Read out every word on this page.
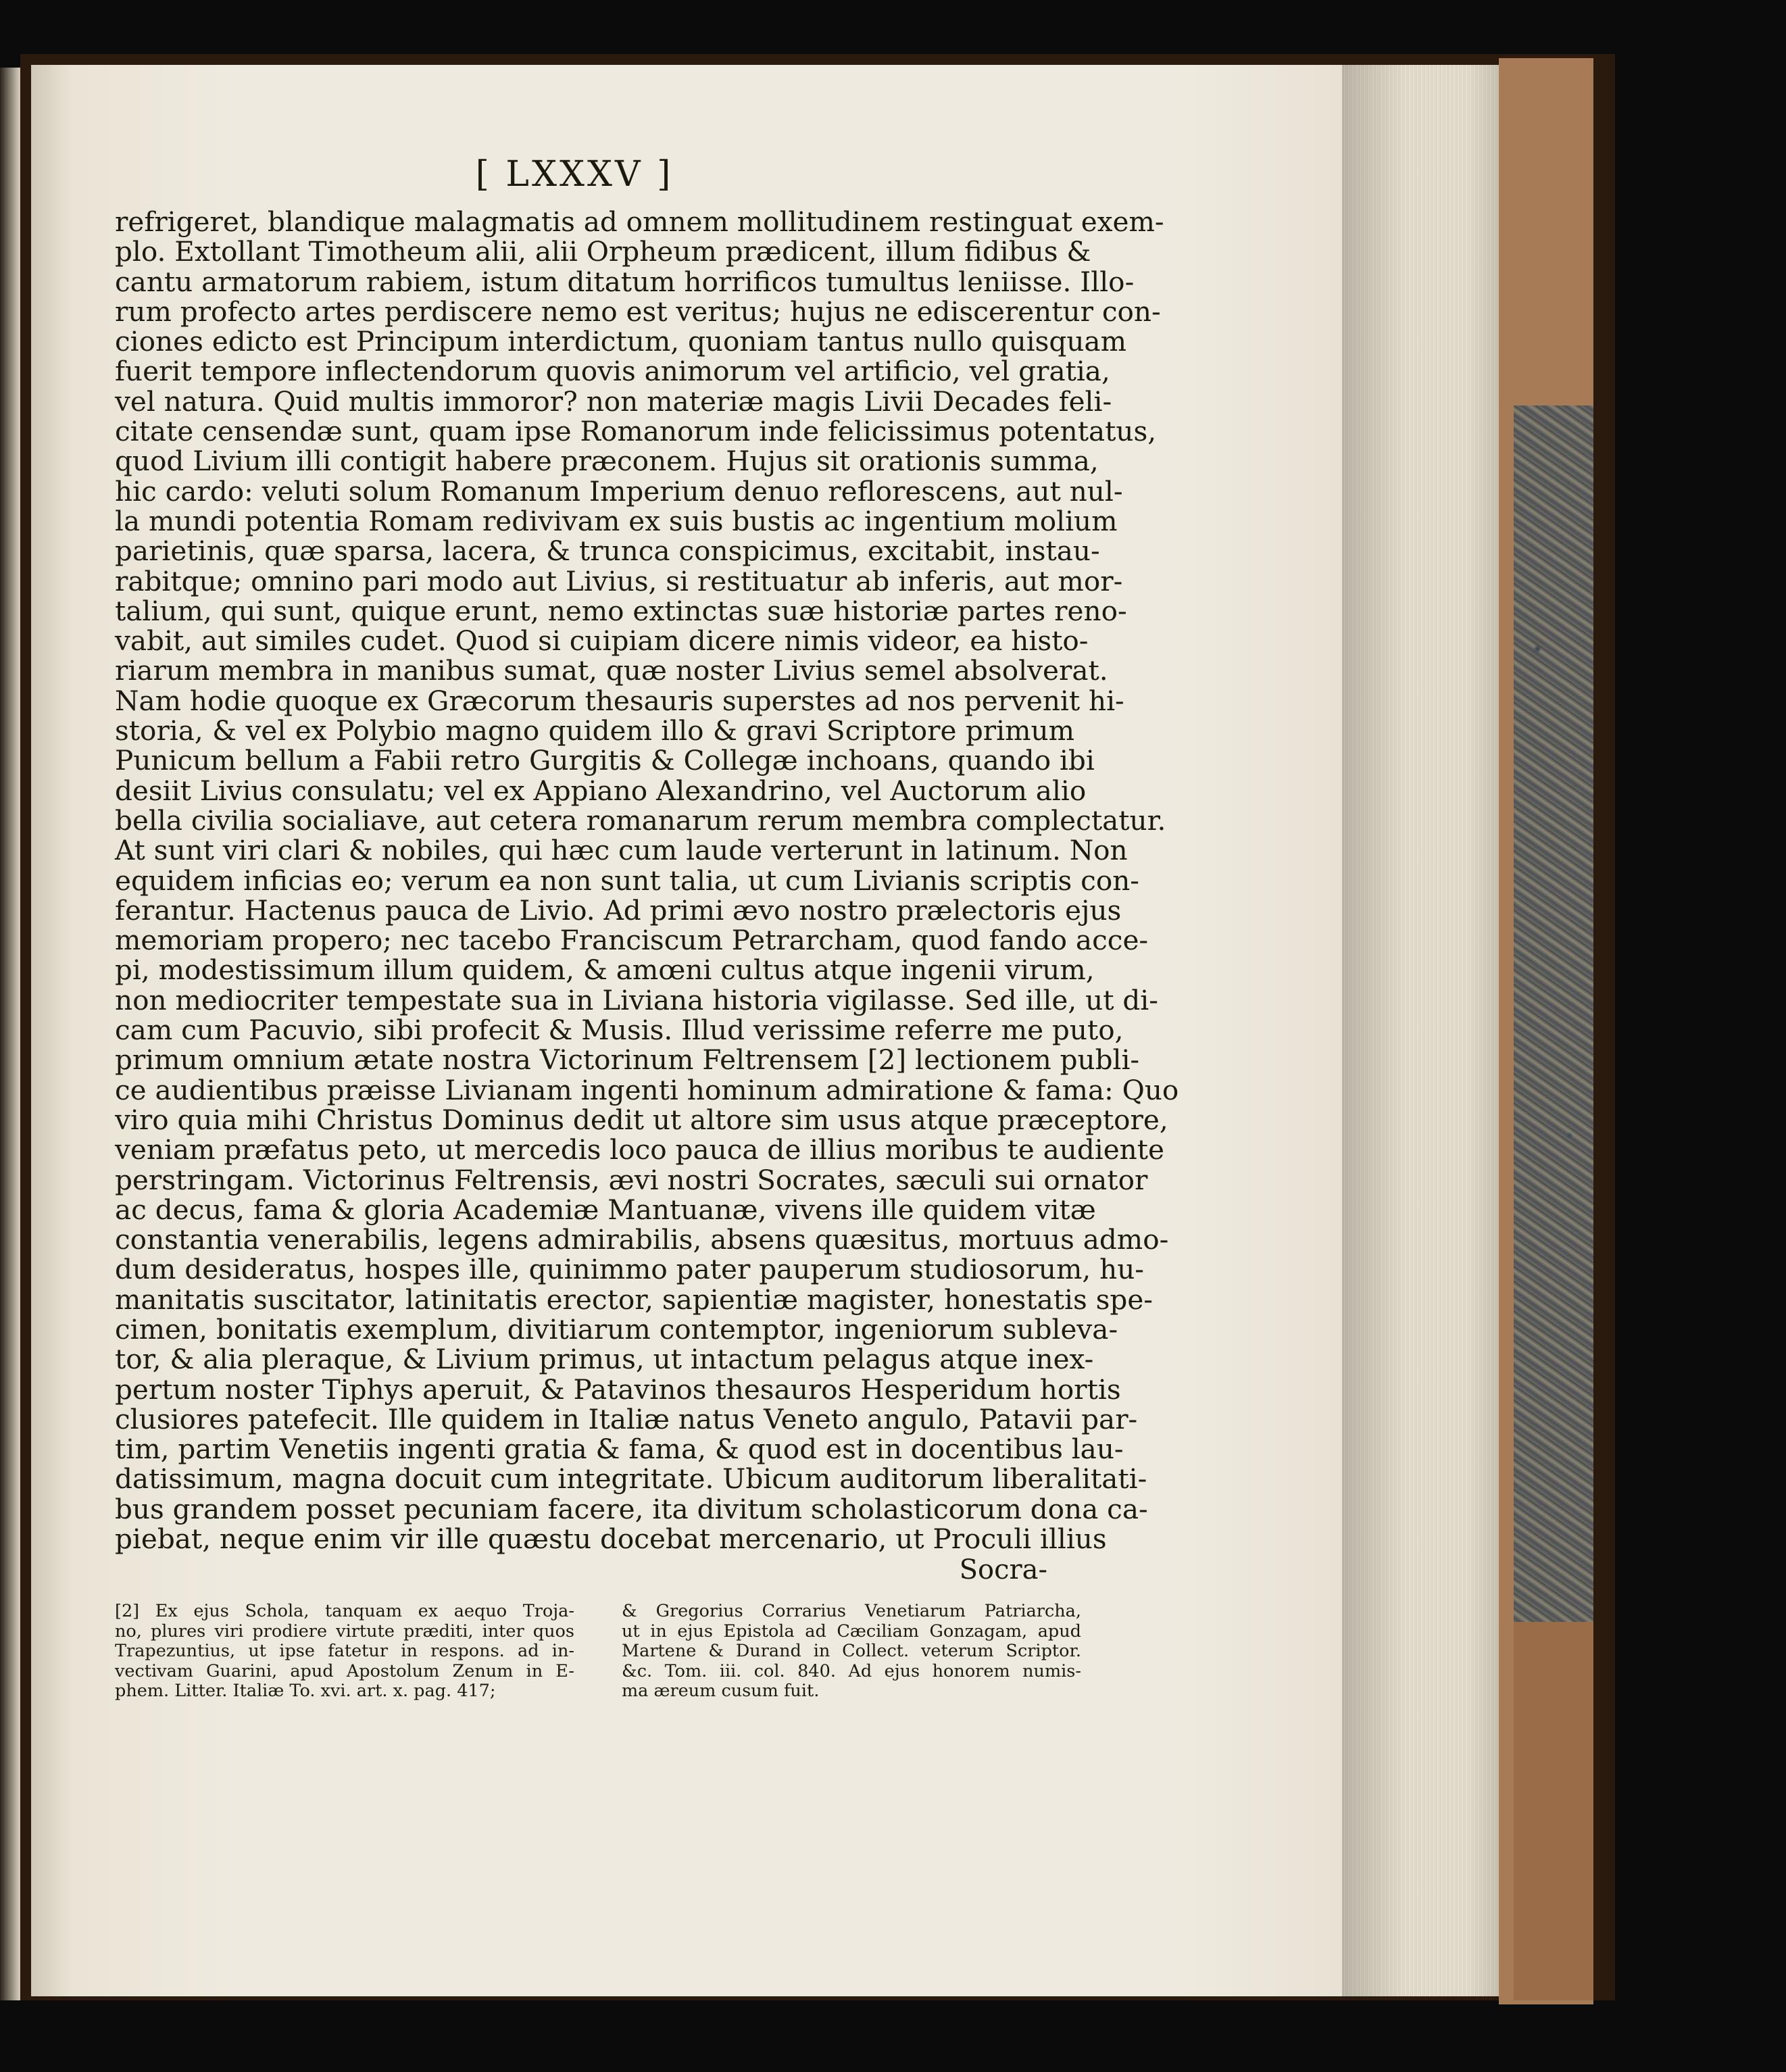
[ LXXXV ]
refrigeret, blandique malagmatis ad omnem mollitudinem restinguat exem-
plo. Extollant Timotheum alii, alii Orpheum prædicent, illum fidibus &
cantu armatorum rabiem, istum ditatum horrificos tumultus leniisse. Illo-
rum profecto artes perdiscere nemo est veritus; hujus ne ediscerentur con-
ciones edicto est Principum interdictum, quoniam tantus nullo quisquam
fuerit tempore inflectendorum quovis animorum vel artificio, vel gratia,
vel natura. Quid multis immoror? non materiæ magis Livii Decades feli-
citate censendæ sunt, quam ipse Romanorum inde felicissimus potentatus,
quod Livium illi contigit habere præconem. Hujus sit orationis summa,
hic cardo: veluti solum Romanum Imperium denuo reflorescens, aut nul-
la mundi potentia Romam redivivam ex suis bustis ac ingentium molium
parietinis, quæ sparsa, lacera, & trunca conspicimus, excitabit, instau-
rabitque; omnino pari modo aut Livius, si restituatur ab inferis, aut mor-
talium, qui sunt, quique erunt, nemo extinctas suæ historiæ partes reno-
vabit, aut similes cudet. Quod si cuipiam dicere nimis videor, ea histo-
riarum membra in manibus sumat, quæ noster Livius semel absolverat.
Nam hodie quoque ex Græcorum thesauris superstes ad nos pervenit hi-
storia, & vel ex Polybio magno quidem illo & gravi Scriptore primum
Punicum bellum a Fabii retro Gurgitis & Collegæ inchoans, quando ibi
desiit Livius consulatu; vel ex Appiano Alexandrino, vel Auctorum alio
bella civilia socialiave, aut cetera romanarum rerum membra complectatur.
At sunt viri clari & nobiles, qui hæc cum laude verterunt in latinum. Non
equidem inficias eo; verum ea non sunt talia, ut cum Livianis scriptis con-
ferantur. Hactenus pauca de Livio. Ad primi ævo nostro prælectoris ejus
memoriam propero; nec tacebo Franciscum Petrarcham, quod fando acce-
pi, modestissimum illum quidem, & amœni cultus atque ingenii virum,
non mediocriter tempestate sua in Liviana historia vigilasse. Sed ille, ut di-
cam cum Pacuvio, sibi profecit & Musis. Illud verissime referre me puto,
primum omnium ætate nostra Victorinum Feltrensem [2] lectionem publi-
ce audientibus præisse Livianam ingenti hominum admiratione & fama: Quo
viro quia mihi Christus Dominus dedit ut altore sim usus atque præceptore,
veniam præfatus peto, ut mercedis loco pauca de illius moribus te audiente
perstringam. Victorinus Feltrensis, ævi nostri Socrates, sæculi sui ornator
ac decus, fama & gloria Academiæ Mantuanæ, vivens ille quidem vitæ
constantia venerabilis, legens admirabilis, absens quæsitus, mortuus admo-
dum desideratus, hospes ille, quinimmo pater pauperum studiosorum, hu-
manitatis suscitator, latinitatis erector, sapientiæ magister, honestatis spe-
cimen, bonitatis exemplum, divitiarum contemptor, ingeniorum subleva-
tor, & alia pleraque, & Livium primus, ut intactum pelagus atque inex-
pertum noster Tiphys aperuit, & Patavinos thesauros Hesperidum hortis
clusiores patefecit. Ille quidem in Italiæ natus Veneto angulo, Patavii par-
tim, partim Venetiis ingenti gratia & fama, & quod est in docentibus lau-
datissimum, magna docuit cum integritate. Ubicum auditorum liberalitati-
bus grandem posset pecuniam facere, ita divitum scholasticorum dona ca-
piebat, neque enim vir ille quæstu docebat mercenario, ut Proculi illius
Socra-
[2] Ex ejus Schola, tanquam ex aequo Troja-
no, plures viri prodiere virtute præditi, inter quos
Trapezuntius, ut ipse fatetur in respons. ad in-
vectivam Guarini, apud Apostolum Zenum in E-
phem. Litter. Italiæ To. xvi. art. x. pag. 417;
& Gregorius Corrarius Venetiarum Patriarcha,
ut in ejus Epistola ad Cæciliam Gonzagam, apud
Martene & Durand in Collect. veterum Scriptor.
&c. Tom. iii. col. 840. Ad ejus honorem numis-
ma æreum cusum fuit.
